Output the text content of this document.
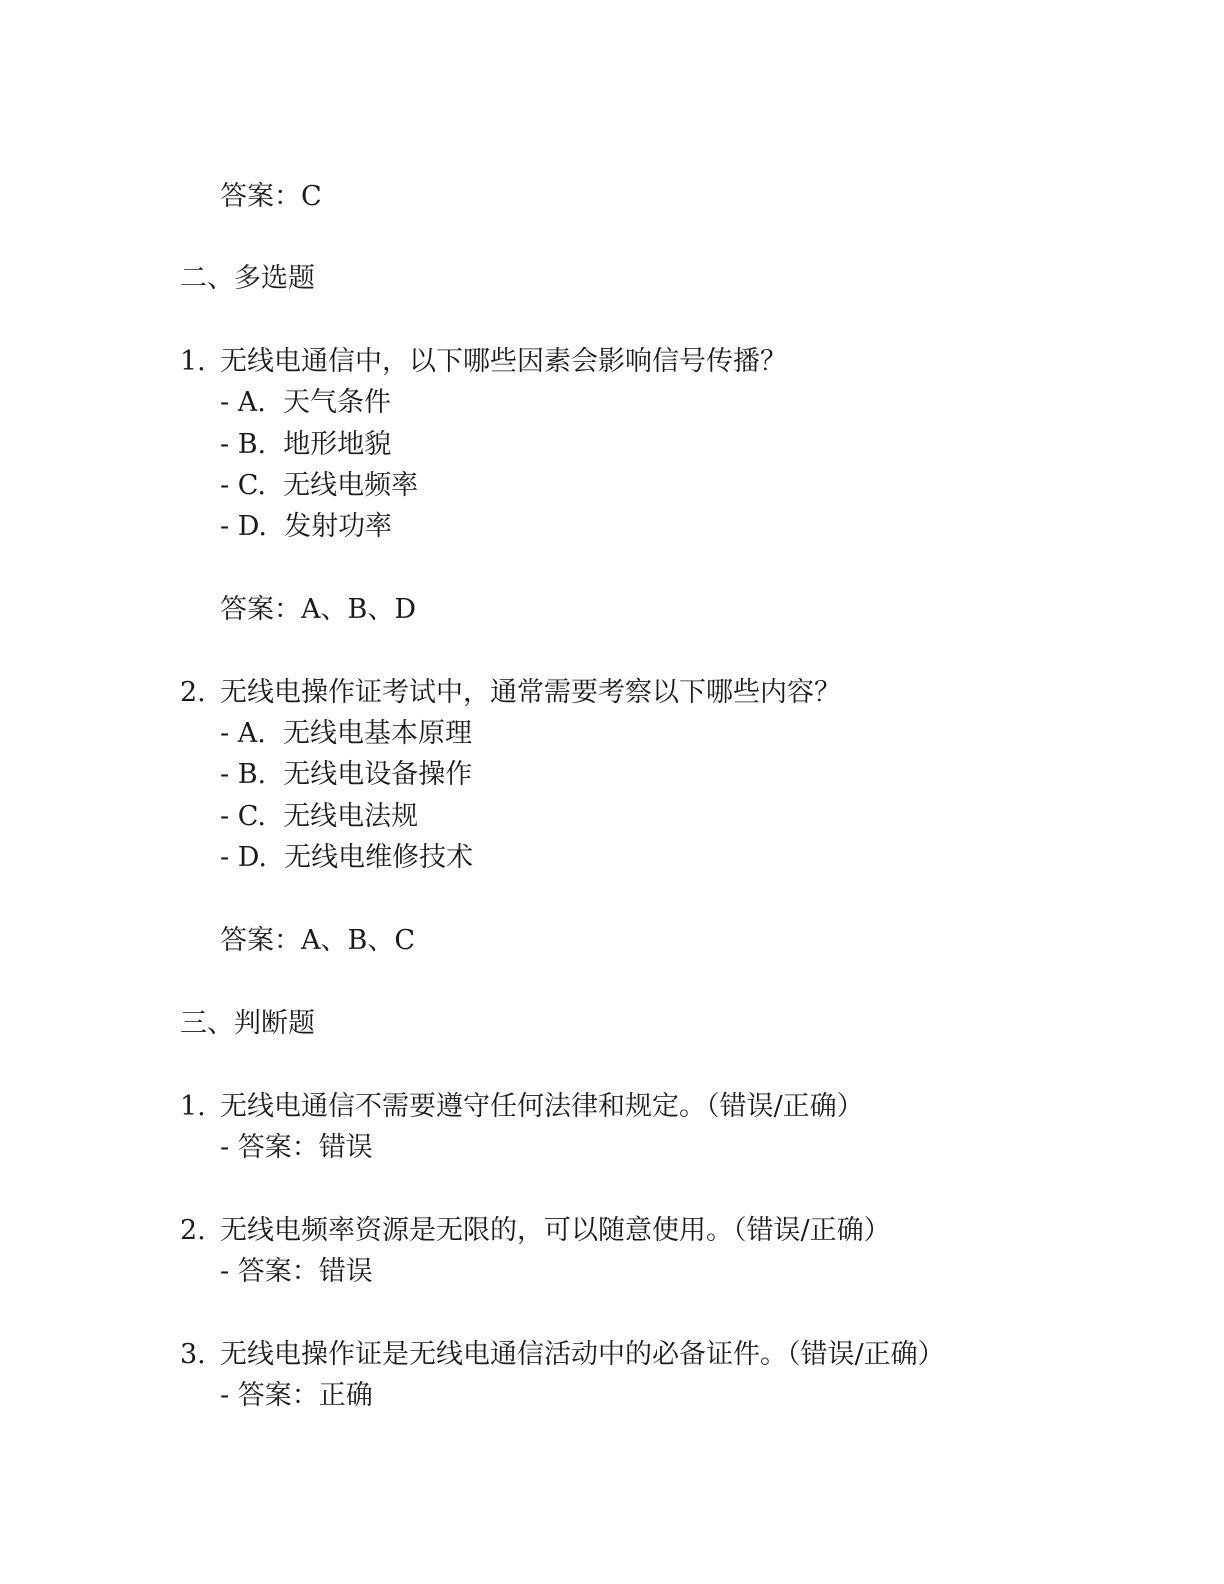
答案：C
二、多选题
1. 无线电通信中，以下哪些因素会影响信号传播？
- A.  天气条件
- B.  地形地貌
- C.  无线电频率
- D.  发射功率
答案：A、B、D
2. 无线电操作证考试中，通常需要考察以下哪些内容？
- A.  无线电基本原理
- B.  无线电设备操作
- C.  无线电法规
- D.  无线电维修技术
答案：A、B、C
三、判断题
1. 无线电通信不需要遵守任何法律和规定。（错误/正确）
- 答案：错误
2. 无线电频率资源是无限的，可以随意使用。（错误/正确）
- 答案：错误
3. 无线电操作证是无线电通信活动中的必备证件。（错误/正确）
- 答案：正确
